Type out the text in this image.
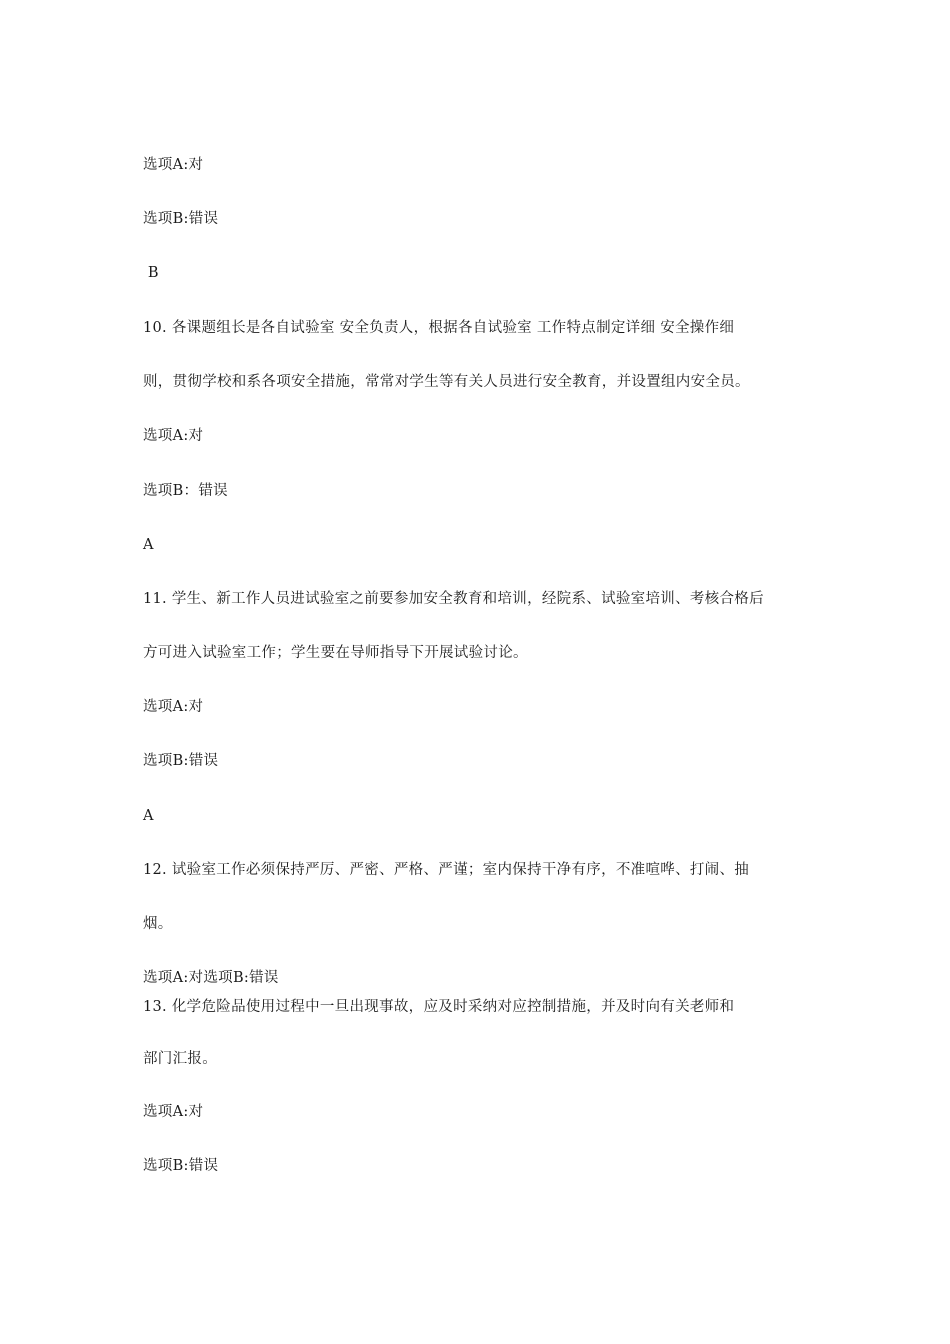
选项A:对
选项B:错误
B
10. 各课题组长是各自试验室 安全负责人，根据各自试验室 工作特点制定详细 安全操作细
则，贯彻学校和系各项安全措施，常常对学生等有关人员进行安全教育，并设置组内安全员。
选项A:对
选项B：错误
A
11. 学生、新工作人员进试验室之前要参加安全教育和培训，经院系、试验室培训、考核合格后
方可进入试验室工作；学生要在导师指导下开展试验讨论。
选项A:对
选项B:错误
A
12. 试验室工作必须保持严厉、严密、严格、严谨；室内保持干净有序，不准喧哗、打闹、抽
烟。
选项A:对选项B:错误
13. 化学危险品使用过程中一旦出现事故，应及时采纳对应控制措施，并及时向有关老师和
部门汇报。
选项A:对
选项B:错误
